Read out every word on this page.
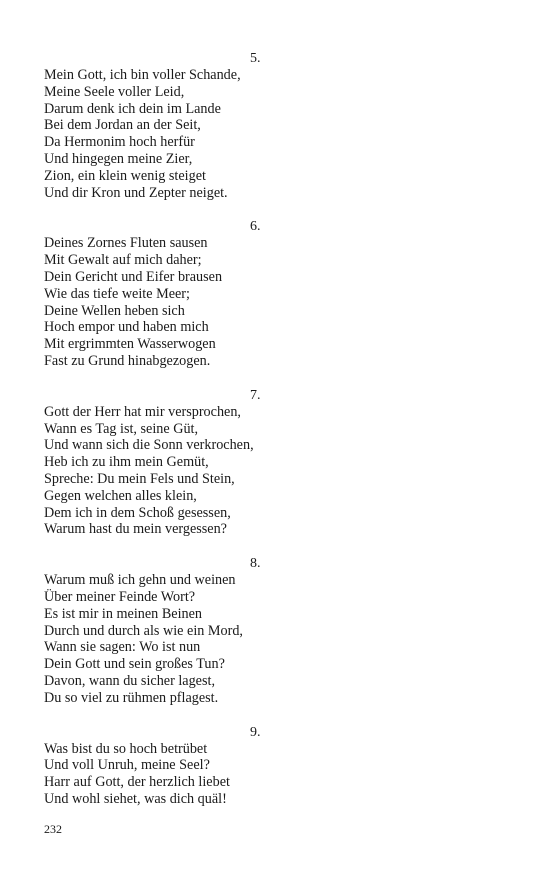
5.
Mein Gott, ich bin voller Schande,
Meine Seele voller Leid,
Darum denk ich dein im Lande
Bei dem Jordan an der Seit,
Da Hermonim hoch herfür
Und hingegen meine Zier,
Zion, ein klein wenig steiget
Und dir Kron und Zepter neiget.
6.
Deines Zornes Fluten sausen
Mit Gewalt auf mich daher;
Dein Gericht und Eifer brausen
Wie das tiefe weite Meer;
Deine Wellen heben sich
Hoch empor und haben mich
Mit ergrimmten Wasserwogen
Fast zu Grund hinabgezogen.
7.
Gott der Herr hat mir versprochen,
Wann es Tag ist, seine Güt,
Und wann sich die Sonn verkrochen,
Heb ich zu ihm mein Gemüt,
Spreche: Du mein Fels und Stein,
Gegen welchen alles klein,
Dem ich in dem Schoß gesessen,
Warum hast du mein vergessen?
8.
Warum muß ich gehn und weinen
Über meiner Feinde Wort?
Es ist mir in meinen Beinen
Durch und durch als wie ein Mord,
Wann sie sagen: Wo ist nun
Dein Gott und sein großes Tun?
Davon, wann du sicher lagest,
Du so viel zu rühmen pflagest.
9.
Was bist du so hoch betrübet
Und voll Unruh, meine Seel?
Harr auf Gott, der herzlich liebet
Und wohl siehet, was dich quäl!
232
